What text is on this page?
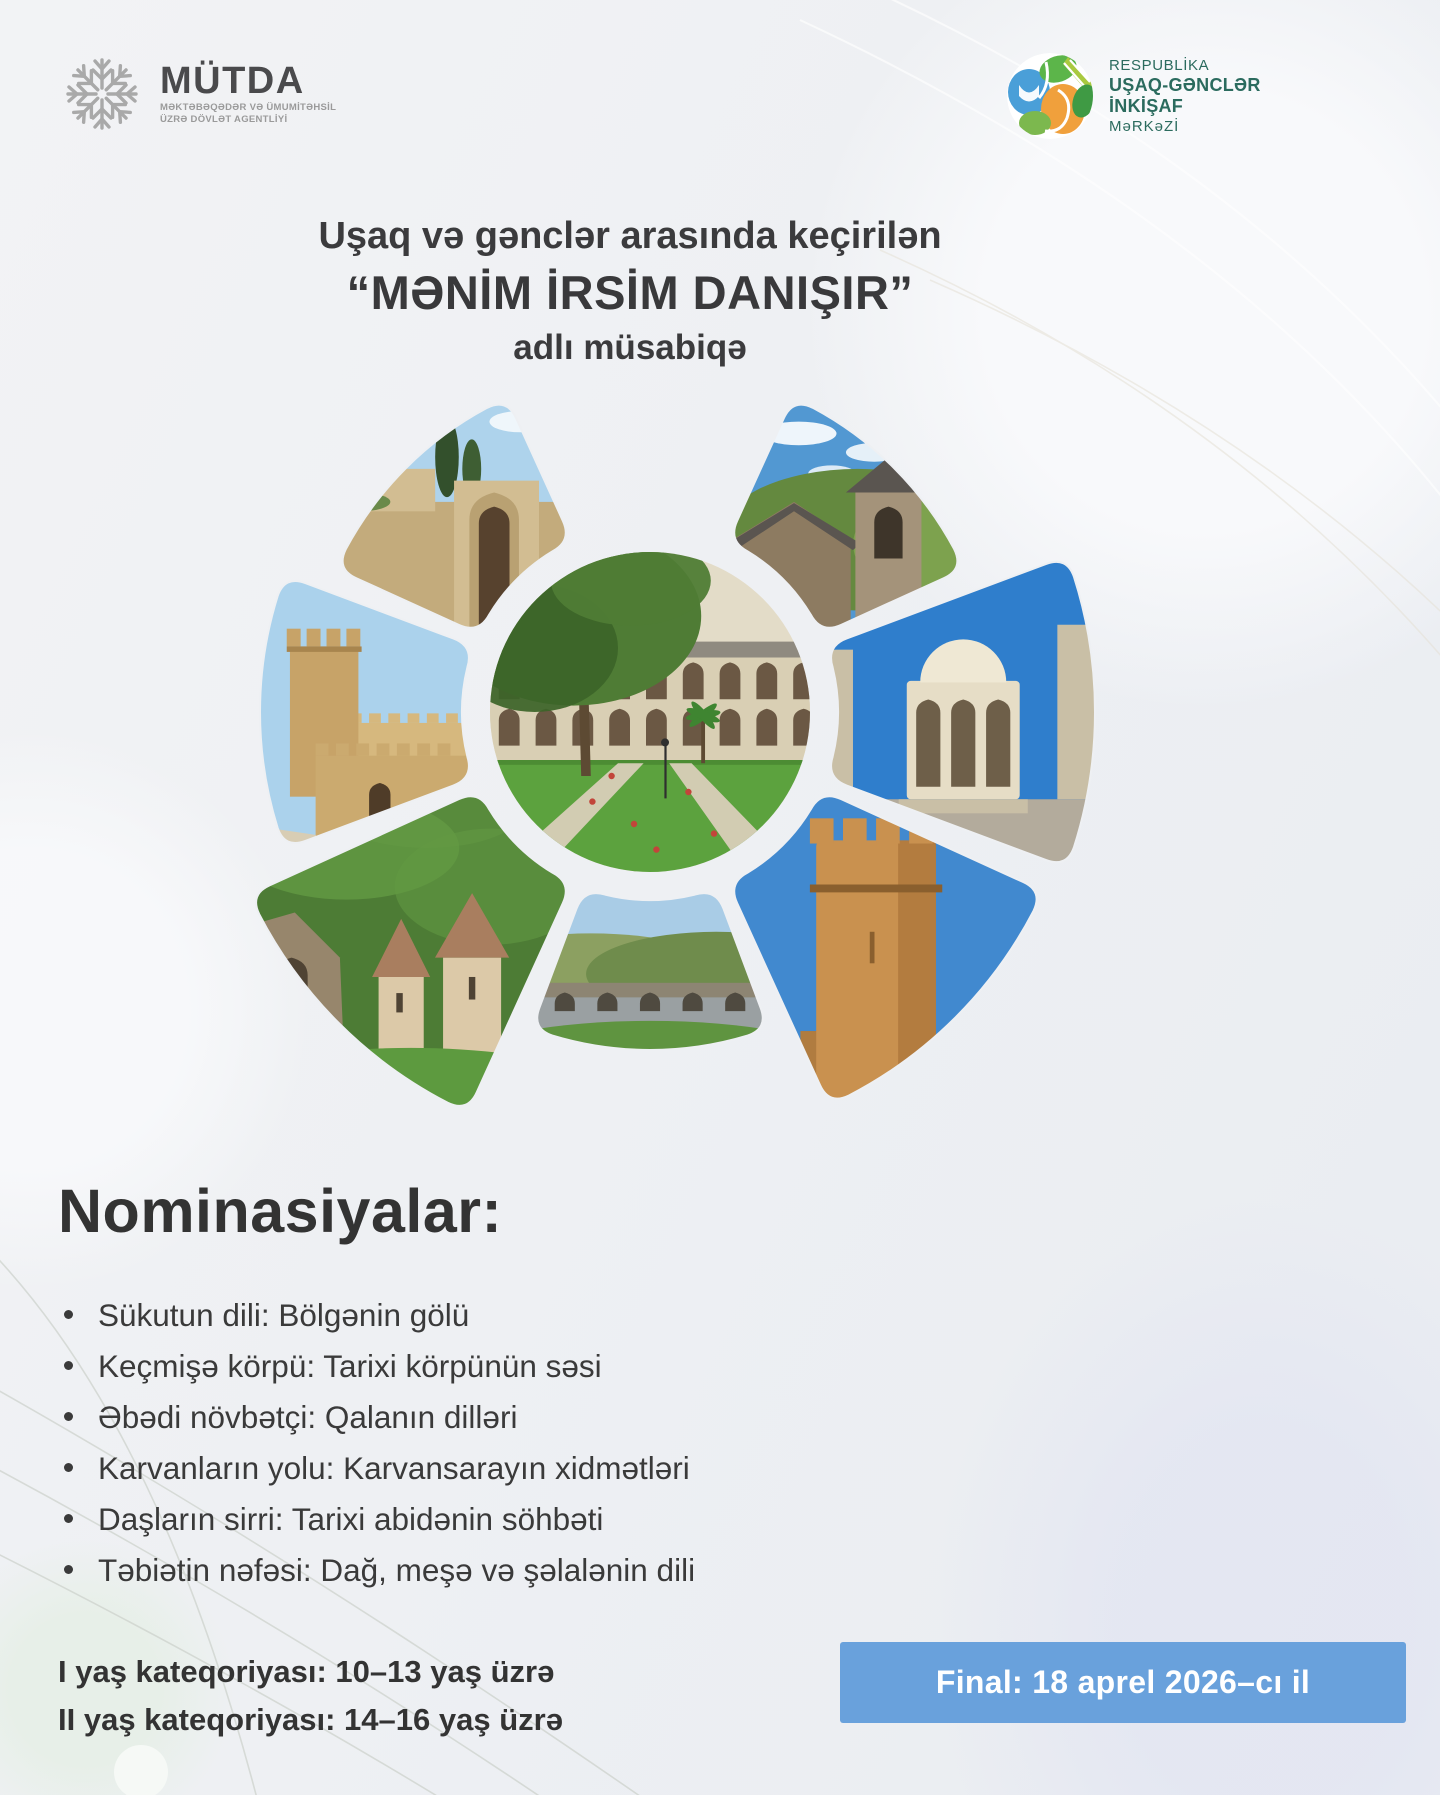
MÜTDA
MƏKTƏBƏQƏDƏR VƏ ÜMUMİTƏHSİL
ÜZRƏ DÖVLƏT AGENTLİYİ
RESPUBLİKA
UŞAQ-GƏNCLƏR
İNKİŞAF
MəRKəZİ
Uşaq və gənclər arasında keçirilən
“MƏNİM İRSİM DANIŞIR”
adlı müsabiqə
Nominasiyalar:
Sükutun dili: Bölgənin gölü
Keçmişə körpü: Tarixi körpünün səsi
Əbədi növbətçi: Qalanın dilləri
Karvanların yolu: Karvansarayın xidmətləri
Daşların sirri: Tarixi abidənin söhbəti
Təbiətin nəfəsi: Dağ, meşə və şəlalənin dili
I yaş kateqoriyası: 10–13 yaş üzrə
II yaş kateqoriyası: 14–16 yaş üzrə
Final: 18 aprel 2026–cı il
